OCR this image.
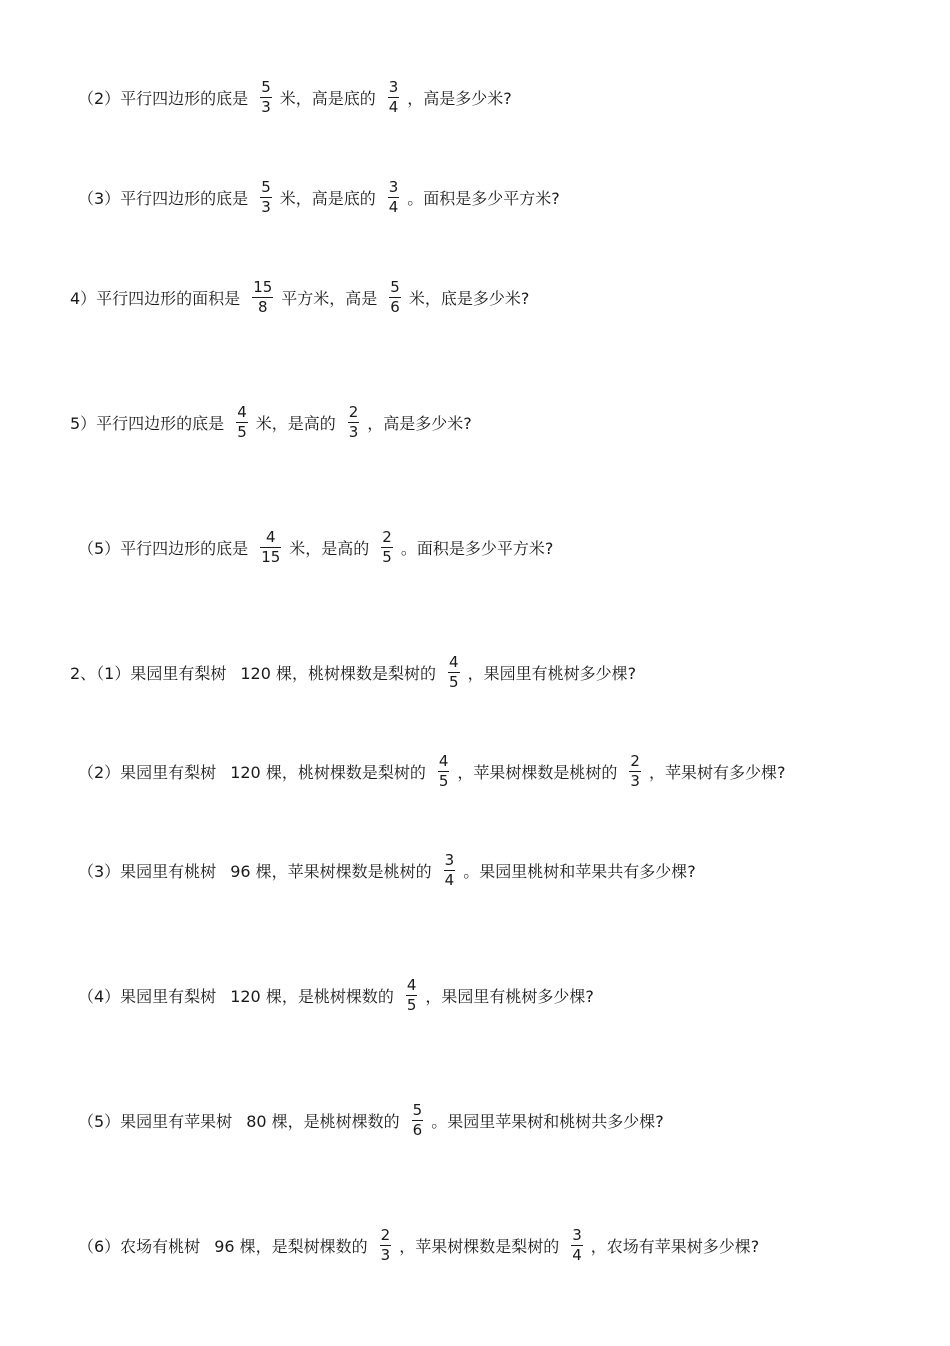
（2）平行四边形的底是 $\frac{5}{3}$ 米，高是底的 $\frac{3}{4}$ ，高是多少米?
（3）平行四边形的底是 $\frac{5}{3}$ 米，高是底的 $\frac{3}{4}$ 。面积是多少平方米?
4）平行四边形的面积是 $\frac{15}{8}$ 平方米，高是 $\frac{5}{6}$ 米，底是多少米?
5）平行四边形的底是 $\frac{4}{5}$ 米，是高的 $\frac{2}{3}$ ，高是多少米?
（5）平行四边形的底是 $\frac{4}{15}$ 米，是高的 $\frac{2}{5}$ 。面积是多少平方米?
2、（1）果园里有梨树 120 棵，桃树棵数是梨树的 $\frac{4}{5}$ ，果园里有桃树多少棵?
（2）果园里有梨树 120 棵，桃树棵数是梨树的 $\frac{4}{5}$ ，苹果树棵数是桃树的 $\frac{2}{3}$ ，苹果树有多少棵?
（3）果园里有桃树 96 棵，苹果树棵数是桃树的 $\frac{3}{4}$ 。果园里桃树和苹果共有多少棵?
（4）果园里有梨树 120 棵，是桃树棵数的 $\frac{4}{5}$ ，果园里有桃树多少棵?
（5）果园里有苹果树 80 棵，是桃树棵数的 $\frac{5}{6}$ 。果园里苹果树和桃树共多少棵?
（6）农场有桃树 96 棵，是梨树棵数的 $\frac{2}{3}$ ，苹果树棵数是梨树的 $\frac{3}{4}$ ，农场有苹果树多少棵?
